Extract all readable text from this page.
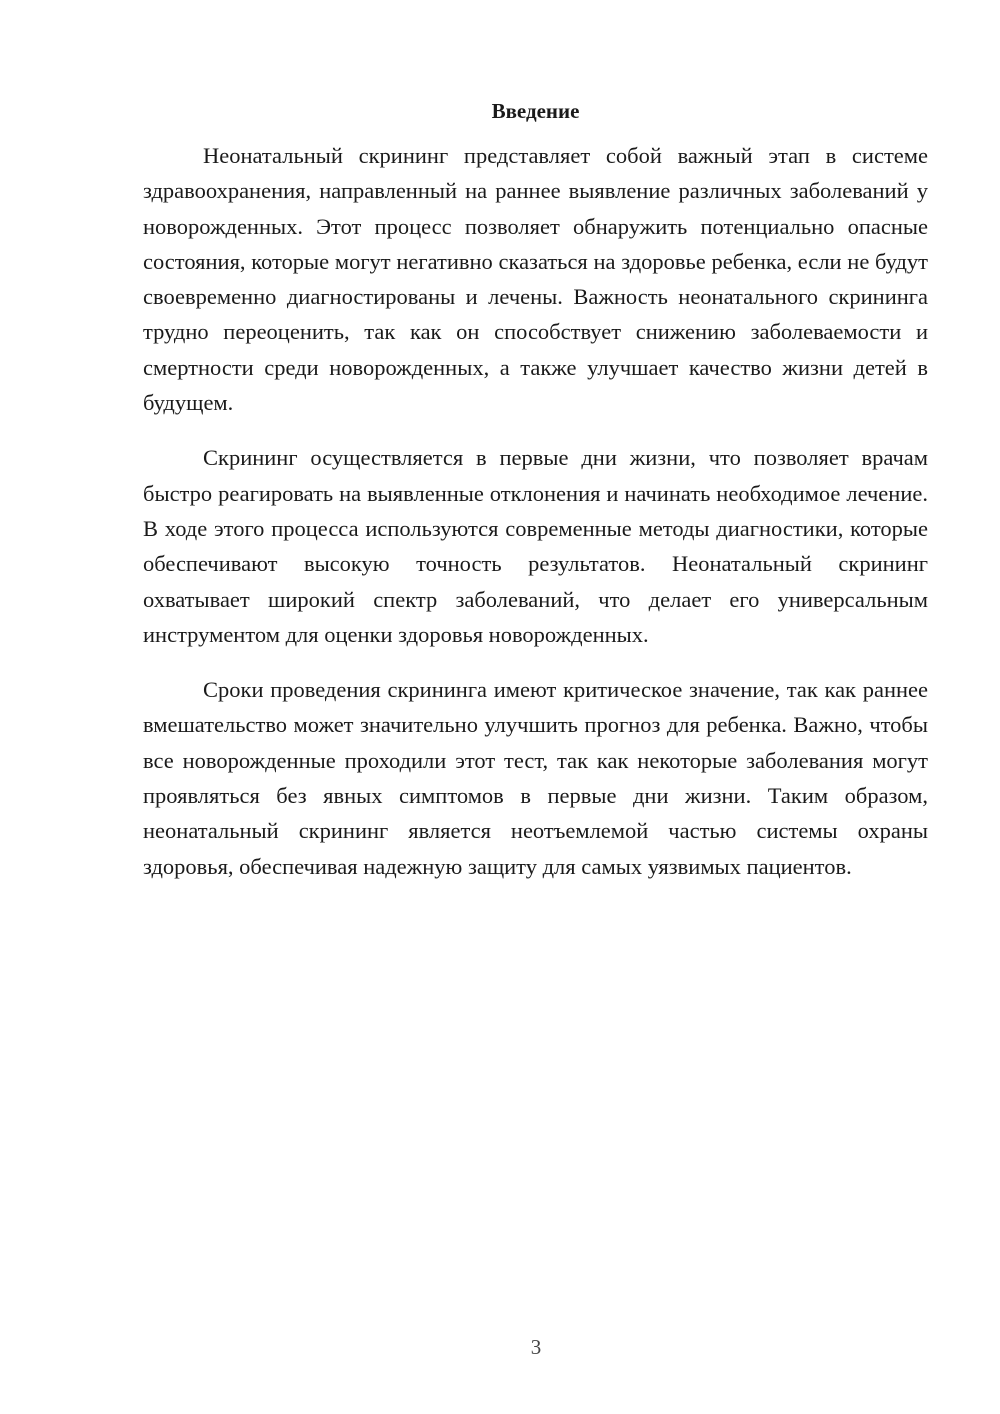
Введение

Неонатальный скрининг представляет собой важный этап в системе здравоохранения, направленный на раннее выявление различных заболеваний у новорожденных. Этот процесс позволяет обнаружить потенциально опасные состояния, которые могут негативно сказаться на здоровье ребенка, если не будут своевременно диагностированы и лечены. Важность неонатального скрининга трудно переоценить, так как он способствует снижению заболеваемости и смертности среди новорожденных, а также улучшает качество жизни детей в будущем.

Скрининг осуществляется в первые дни жизни, что позволяет врачам быстро реагировать на выявленные отклонения и начинать необходимое лечение. В ходе этого процесса используются современные методы диагностики, которые обеспечивают высокую точность результатов. Неонатальный скрининг охватывает широкий спектр заболеваний, что делает его универсальным инструментом для оценки здоровья новорожденных.

Сроки проведения скрининга имеют критическое значение, так как раннее вмешательство может значительно улучшить прогноз для ребенка. Важно, чтобы все новорожденные проходили этот тест, так как некоторые заболевания могут проявляться без явных симптомов в первые дни жизни. Таким образом, неонатальный скрининг является неотъемлемой частью системы охраны здоровья, обеспечивая надежную защиту для самых уязвимых пациентов.

3
